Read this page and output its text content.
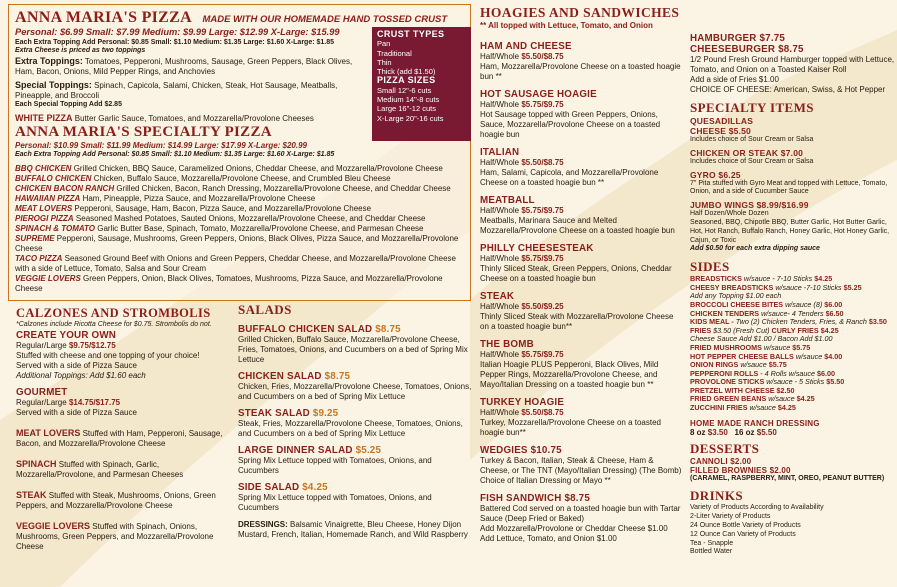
ANNA MARIA'S PIZZA MADE WITH OUR HOMEMADE HAND TOSSED CRUST
Personal: $6.99 Small: $7.99 Medium: $9.99 Large: $12.99 X-Large: $15.99
Each Extra Topping Add Personal: $0.85 Small: $1.10 Medium: $1.35 Large: $1.60 X-Large: $1.85
Extra Cheese is priced as two toppings
Extra Toppings: Tomatoes, Pepperoni, Mushrooms, Sausage, Green Peppers, Black Olives, Ham, Bacon, Onions, Mild Pepper Rings, and Anchovies
Special Toppings: Spinach, Capicola, Salami, Chicken, Steak, Hot Sausage, Meatballs, Pineapple, and Broccoli
Each Special Topping Add $2.85
WHITE PIZZA Butter Garlic Sauce, Tomatoes, and Mozzarella/Provolone Cheeses
ANNA MARIA'S SPECIALTY PIZZA
Personal: $10.99 Small: $11.99 Medium: $14.99 Large: $17.99 X-Large: $20.99
Each Extra Topping Add Personal: $0.85 Small: $1.10 Medium: $1.35 Large: $1.60 X-Large: $1.85
BBQ CHICKEN Grilled Chicken, BBQ Sauce, Caramelized Onions, Cheddar Cheese, and Mozzarella/Provolone Cheese
BUFFALO CHICKEN Chicken, Buffalo Sauce, Mozzarella/Provolone Cheese, and Crumbled Bleu Cheese
CHICKEN BACON RANCH Grilled Chicken, Bacon, Ranch Dressing, Mozzarella/Provolone Cheese, and Cheddar Cheese
HAWAIIAN PIZZA Ham, Pineapple, Pizza Sauce, and Mozzarella/Provolone Cheese
MEAT LOVERS Pepperoni, Sausage, Ham, Bacon, Pizza Sauce, and Mozzarella/Provolone Cheese
PIEROGI PIZZA Seasoned Mashed Potatoes, Sauted Onions, Mozzarella/Provolone Cheese, and Cheddar Cheese
SPINACH & TOMATO Garlic Butter Base, Spinach, Tomato, Mozzarella/Provolone Cheese, and Parmesan Cheese
SUPREME Pepperoni, Sausage, Mushrooms, Green Peppers, Onions, Black Olives, Pizza Sauce, and Mozzarella/Provolone Cheese
TACO PIZZA Seasoned Ground Beef with Onions and Green Peppers, Cheddar Cheese, and Mozzarella/Provolone Cheese with a side of Lettuce, Tomato, Salsa and Sour Cream
VEGGIE LOVERS Green Peppers, Onion, Black Olives, Tomatoes, Mushrooms, Pizza Sauce, and Mozzarella/Provolone Cheese
CRUST TYPES
Pan
Traditional
Thin
Thick (add $1.50)
PIZZA SIZES
Small 12"-6 cuts
Medium 14"-8 cuts
Large 16"-12 cuts
X-Large 20"-16 cuts
CALZONES AND STROMBOLIS
*Calzones include Ricotta Cheese for $0.75. Strombolis do not.
CREATE YOUR OWN
Regular/Large $9.75/$12.75
Stuffed with cheese and one topping of your choice!
Served with a side of Pizza Sauce
Additional Toppings: Add $1.60 each
GOURMET
Regular/Large $14.75/$17.75
Served with a side of Pizza Sauce
MEAT LOVERS Stuffed with Ham, Pepperoni, Sausage, Bacon, and Mozzarella/Provolone Cheese
SPINACH Stuffed with Spinach, Garlic, Mozzarella/Provolone, and Parmesan Cheeses
STEAK Stuffed with Steak, Mushrooms, Onions, Green Peppers, and Mozzarella/Provolone Cheese
VEGGIE LOVERS Stuffed with Spinach, Onions, Mushrooms, Green Peppers, and Mozzarella/Provolone Cheese
SALADS
BUFFALO CHICKEN SALAD $8.75
Grilled Chicken, Buffalo Sauce, Mozzarella/Provolone Cheese, Fries, Tomatoes, Onions, and Cucumbers on a bed of Spring Mix Lettuce
CHICKEN SALAD $8.75
Chicken, Fries, Mozzarella/Provolone Cheese, Tomatoes, Onions, and Cucumbers on a bed of Spring Mix Lettuce
STEAK SALAD $9.25
Steak, Fries, Mozzarella/Provolone Cheese, Tomatoes, Onions, and Cucumbers on a bed of Spring Mix Lettuce
LARGE DINNER SALAD $5.25
Spring Mix Lettuce topped with Tomatoes, Onions, and Cucumbers
SIDE SALAD $4.25
Spring Mix Lettuce topped with Tomatoes, Onions, and Cucumbers
DRESSINGS: Balsamic Vinaigrette, Bleu Cheese, Honey Dijon Mustard, French, Italian, Homemade Ranch, and Wild Raspberry
HOAGIES AND SANDWICHES
** All topped with Lettuce, Tomato, and Onion
HAM AND CHEESE
Half/Whole $5.50/$8.75
Ham, Mozzarella/Provolone Cheese on a toasted hoagie bun **
HOT SAUSAGE HOAGIE
Half/Whole $5.75/$9.75
Hot Sausage topped with Green Peppers, Onions, Sauce, Mozzarella/Provolone Cheese on a toasted hoagie bun
ITALIAN
Half/Whole $5.50/$8.75
Ham, Salami, Capicola, and Mozzarella/Provolone Cheese on a toasted hoagie bun **
MEATBALL
Half/Whole $5.75/$9.75
Meatballs, Marinara Sauce and Melted Mozzarella/Provolone Cheese on a toasted hoagie bun
PHILLY CHEESESTEAK
Half/Whole $5.75/$9.75
Thinly Sliced Steak, Green Peppers, Onions, Cheddar Cheese on a toasted hoagie bun
STEAK
Half/Whole $5.50/$9.25
Thinly Sliced Steak with Mozzarella/Provolone Cheese on a toasted hoagie bun**
THE BOMB
Half/Whole $5.75/$9.75
Italian Hoagie PLUS Pepperoni, Black Olives, Mild Pepper Rings, Mozzarella/Provolone Cheese, and Mayo/Italian Dressing on a toasted hoagie bun **
TURKEY HOAGIE
Half/Whole $5.50/$8.75
Turkey, Mozzarella/Provolone Cheese on a toasted hoagie bun**
WEDGIES $10.75
Turkey & Bacon, Italian, Steak & Cheese, Ham & Cheese, or The TNT (Mayo/Italian Dressing) (The Bomb) Choice of Italian Dressing or Mayo **
FISH SANDWICH $8.75
Battered Cod served on a toasted hoagie bun with Tartar Sauce (Deep Fried or Baked)
Add Mozzarella/Provolone or Cheddar Cheese $1.00
Add Lettuce, Tomato, and Onion $1.00
HAMBURGER $7.75
CHEESEBURGER $8.75
1/2 Pound Fresh Ground Hamburger topped with Lettuce, Tomato, and Onion on a Toasted Kaiser Roll
Add a side of Fries $1.00
CHOICE OF CHEESE: American, Swiss, & Hot Pepper
SPECIALTY ITEMS
QUESADILLAS
CHEESE $5.50
Includes choice of Sour Cream or Salsa
CHICKEN OR STEAK $7.00
Includes choice of Sour Cream or Salsa
GYRO $6.25
7" Pita stuffed with Gyro Meat and topped with Lettuce, Tomato, Onion, and a side of Cucumber Sauce
JUMBO WINGS $8.99/$16.99
Half Dozen/Whole Dozen
Seasoned, BBQ, Chipotle BBQ, Butter Garlic, Hot Butter Garlic, Hot, Hot Ranch, Buffalo Ranch, Honey Garlic, Hot Honey Garlic, Cajun, or Toxic
Add $0.50 for each extra dipping sauce
SIDES
BREADSTICKS w/sauce - 7-10 Sticks $4.25
CHEESY BREADSTICKS w/sauce -7-10 Sticks $5.25
Add any Topping $1.00 each
BROCCOLI CHEESE BITES w/sauce (8) $6.00
CHICKEN TENDERS w/sauce- 4 Tenders $6.50
KIDS MEAL - Two (2) Chicken Tenders, Fries, & Ranch $3.50
FRIES $3.50 (Fresh Cut) CURLY FRIES $4.25
Cheese Sauce Add $1.00 / Bacon Add $1.00
FRIED MUSHROOMS w/sauce $5.75
HOT PEPPER CHEESE BALLS w/sauce $4.00
ONION RINGS w/sauce $5.75
PEPPERONI ROLLS - 4 Rolls w/sauce $6.00
PROVOLONE STICKS w/sauce - 5 Sticks $5.50
PRETZEL WITH CHEESE $2.50
FRIED GREEN BEANS w/sauce $4.25
ZUCCHINI FRIES w/sauce $4.25
HOME MADE RANCH DRESSING
8 oz $3.50 16 oz $5.50
DESSERTS
CANNOLI $2.00
FILLED BROWNIES $2.00
(CARAMEL, RASPBERRY, MINT, OREO, PEANUT BUTTER)
DRINKS
Variety of Products According to Availability
2-Liter Variety of Products
24 Ounce Bottle Variety of Products
12 Ounce Can Variety of Products
Tea - Snapple
Bottled Water
